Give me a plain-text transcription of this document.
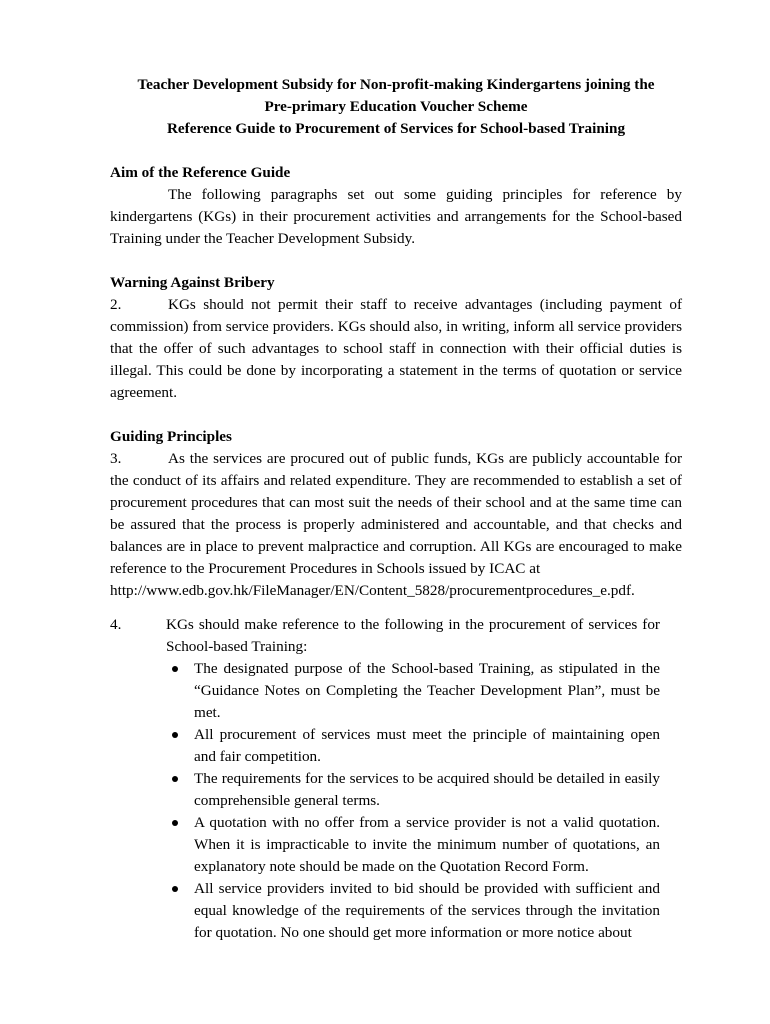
Teacher Development Subsidy for Non-profit-making Kindergartens joining the
Pre-primary Education Voucher Scheme
Reference Guide to Procurement of Services for School-based Training

Aim of the Reference Guide

The following paragraphs set out some guiding principles for reference by kindergartens (KGs) in their procurement activities and arrangements for the School-based Training under the Teacher Development Subsidy.

Warning Against Bribery

2.	KGs should not permit their staff to receive advantages (including payment of commission) from service providers. KGs should also, in writing, inform all service providers that the offer of such advantages to school staff in connection with their official duties is illegal. This could be done by incorporating a statement in the terms of quotation or service agreement.

Guiding Principles

3.	As the services are procured out of public funds, KGs are publicly accountable for the conduct of its affairs and related expenditure. They are recommended to establish a set of procurement procedures that can most suit the needs of their school and at the same time can be assured that the process is properly administered and accountable, and that checks and balances are in place to prevent malpractice and corruption. All KGs are encouraged to make reference to the Procurement Procedures in Schools issued by ICAC at

http://www.edb.gov.hk/FileManager/EN/Content_5828/procurementprocedures_e.pdf.

4.	KGs should make reference to the following in the procurement of services for School-based Training:
The designated purpose of the School-based Training, as stipulated in the “Guidance Notes on Completing the Teacher Development Plan”, must be met.
All procurement of services must meet the principle of maintaining open and fair competition.
The requirements for the services to be acquired should be detailed in easily comprehensible general terms.
A quotation with no offer from a service provider is not a valid quotation. When it is impracticable to invite the minimum number of quotations, an explanatory note should be made on the Quotation Record Form.
All service providers invited to bid should be provided with sufficient and equal knowledge of the requirements of the services through the invitation for quotation. No one should get more information or more notice about
